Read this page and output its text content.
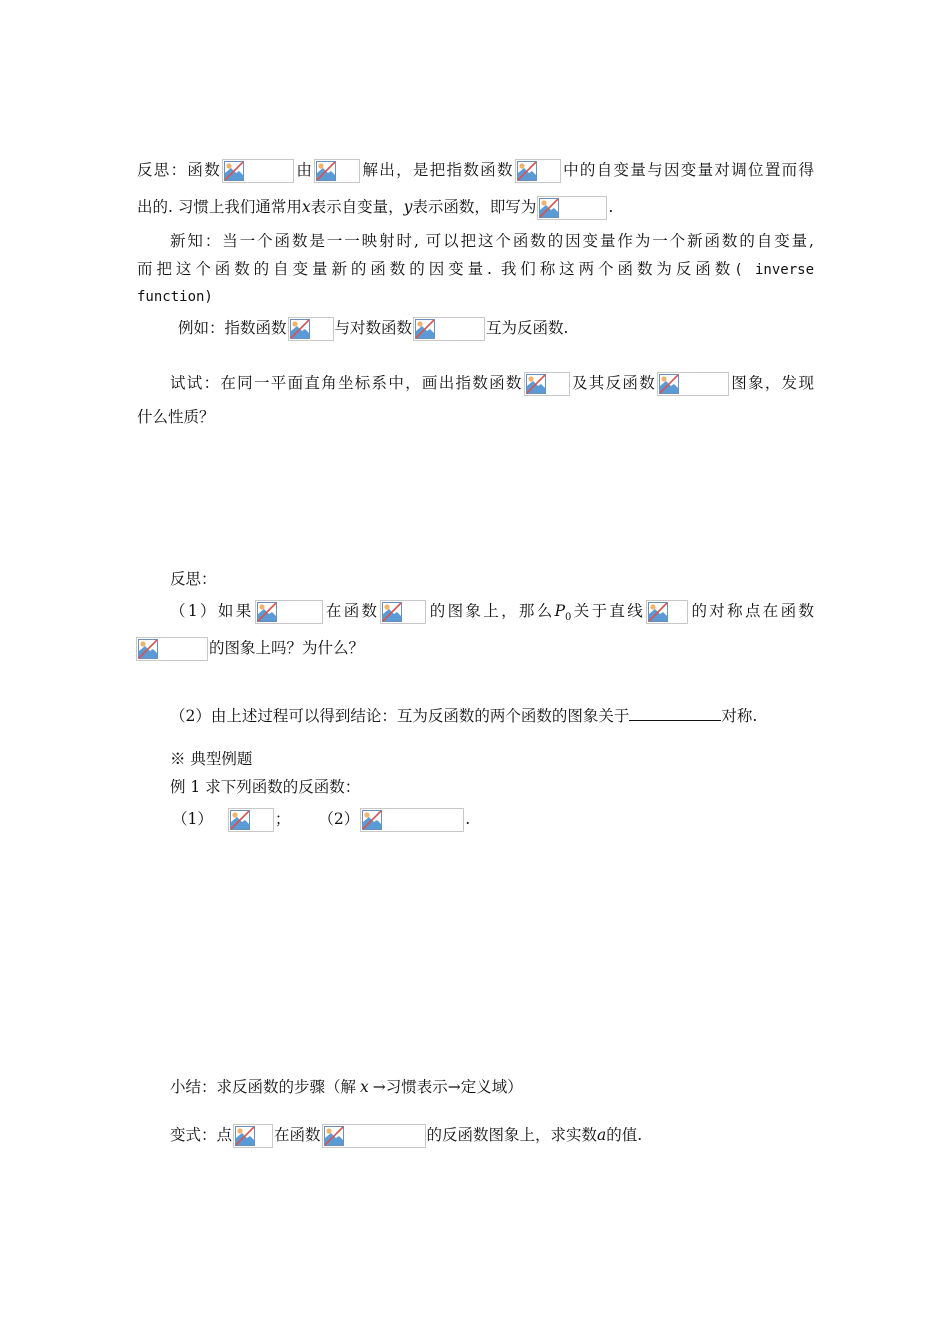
反思：函数	由	解出，是把指数函数	中的自变量与因变量对调位置而得
出的. 习惯上我们通常用x表示自变量，y表示函数，即写为	.
新知：当一个函数是一一映射时, 可以把这个函数的因变量作为一个新函数的自变量,
而把这个函数的自变量新的函数的因变量. 我们称这两个函数为反函数( inverse
function)
例如：指数函数	与对数函数	互为反函数.
试试：在同一平面直角坐标系中，画出指数函数	及其反函数	图象，发现
什么性质？
反思：
（1）如果	在函数	的图象上，那么$P_0$关于直线	的对称点在函数
的图象上吗？为什么？
（2）由上述过程可以得到结论：互为反函数的两个函数的图象关于	对称.
※ 典型例题
例 1 求下列函数的反函数：
（1）	； （2）	.
小结：求反函数的步骤（解 x →习惯表示→定义域）
变式：点	在函数	的反函数图象上，求实数a的值.
